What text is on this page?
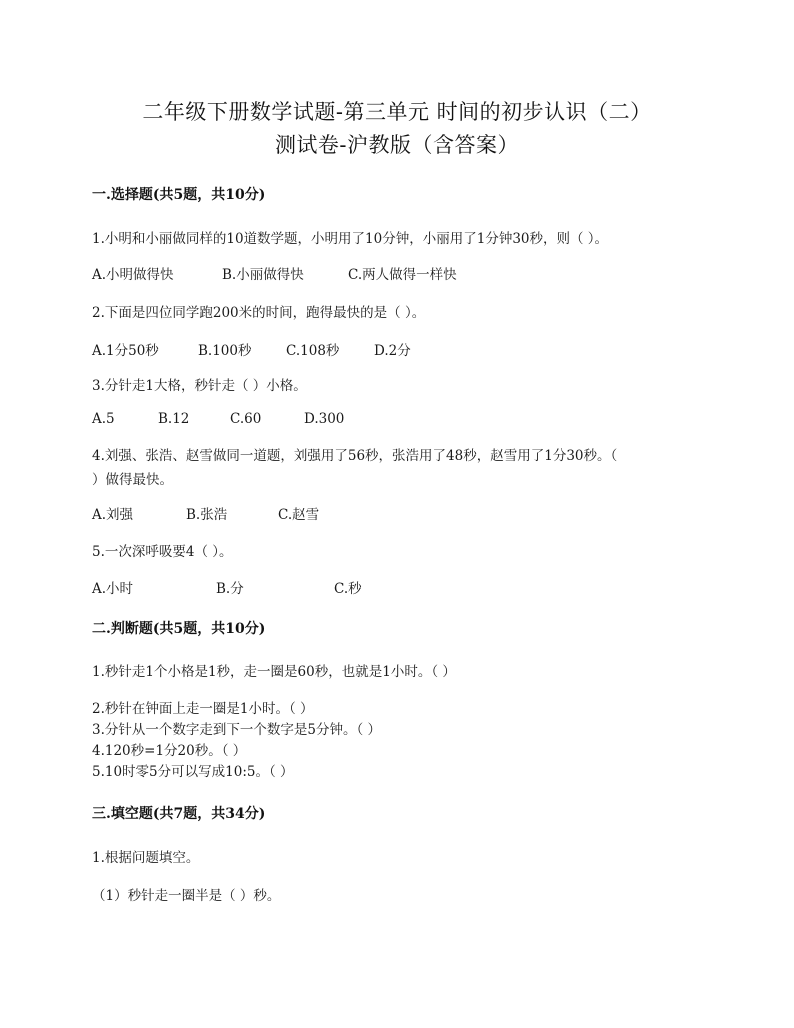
二年级下册数学试题-第三单元 时间的初步认识（二）
测试卷-沪教版（含答案）
一.选择题(共5题，共10分)
1.小明和小丽做同样的10道数学题，小明用了10分钟，小丽用了1分钟30秒，则（ ）。
A.小明做得快	B.小丽做得快	C.两人做得一样快
2.下面是四位同学跑200米的时间，跑得最快的是（ ）。
A.1分50秒	B.100秒	C.108秒	D.2分
3.分针走1大格，秒针走（ ）小格。
A.5	B.12	C.60	D.300
4.刘强、张浩、赵雪做同一道题，刘强用了56秒，张浩用了48秒，赵雪用了1分30秒。（
）做得最快。
A.刘强	B.张浩	C.赵雪
5.一次深呼吸要4（ ）。
A.小时	B.分	C.秒
二.判断题(共5题，共10分)
1.秒针走1个小格是1秒，走一圈是60秒，也就是1小时。（ ）
2.秒针在钟面上走一圈是1小时。（ ）
3.分针从一个数字走到下一个数字是5分钟。（ ）
4.120秒=1分20秒。（ ）
5.10时零5分可以写成10:5。（ ）
三.填空题(共7题，共34分)
1.根据问题填空。
（1）秒针走一圈半是（ ）秒。
